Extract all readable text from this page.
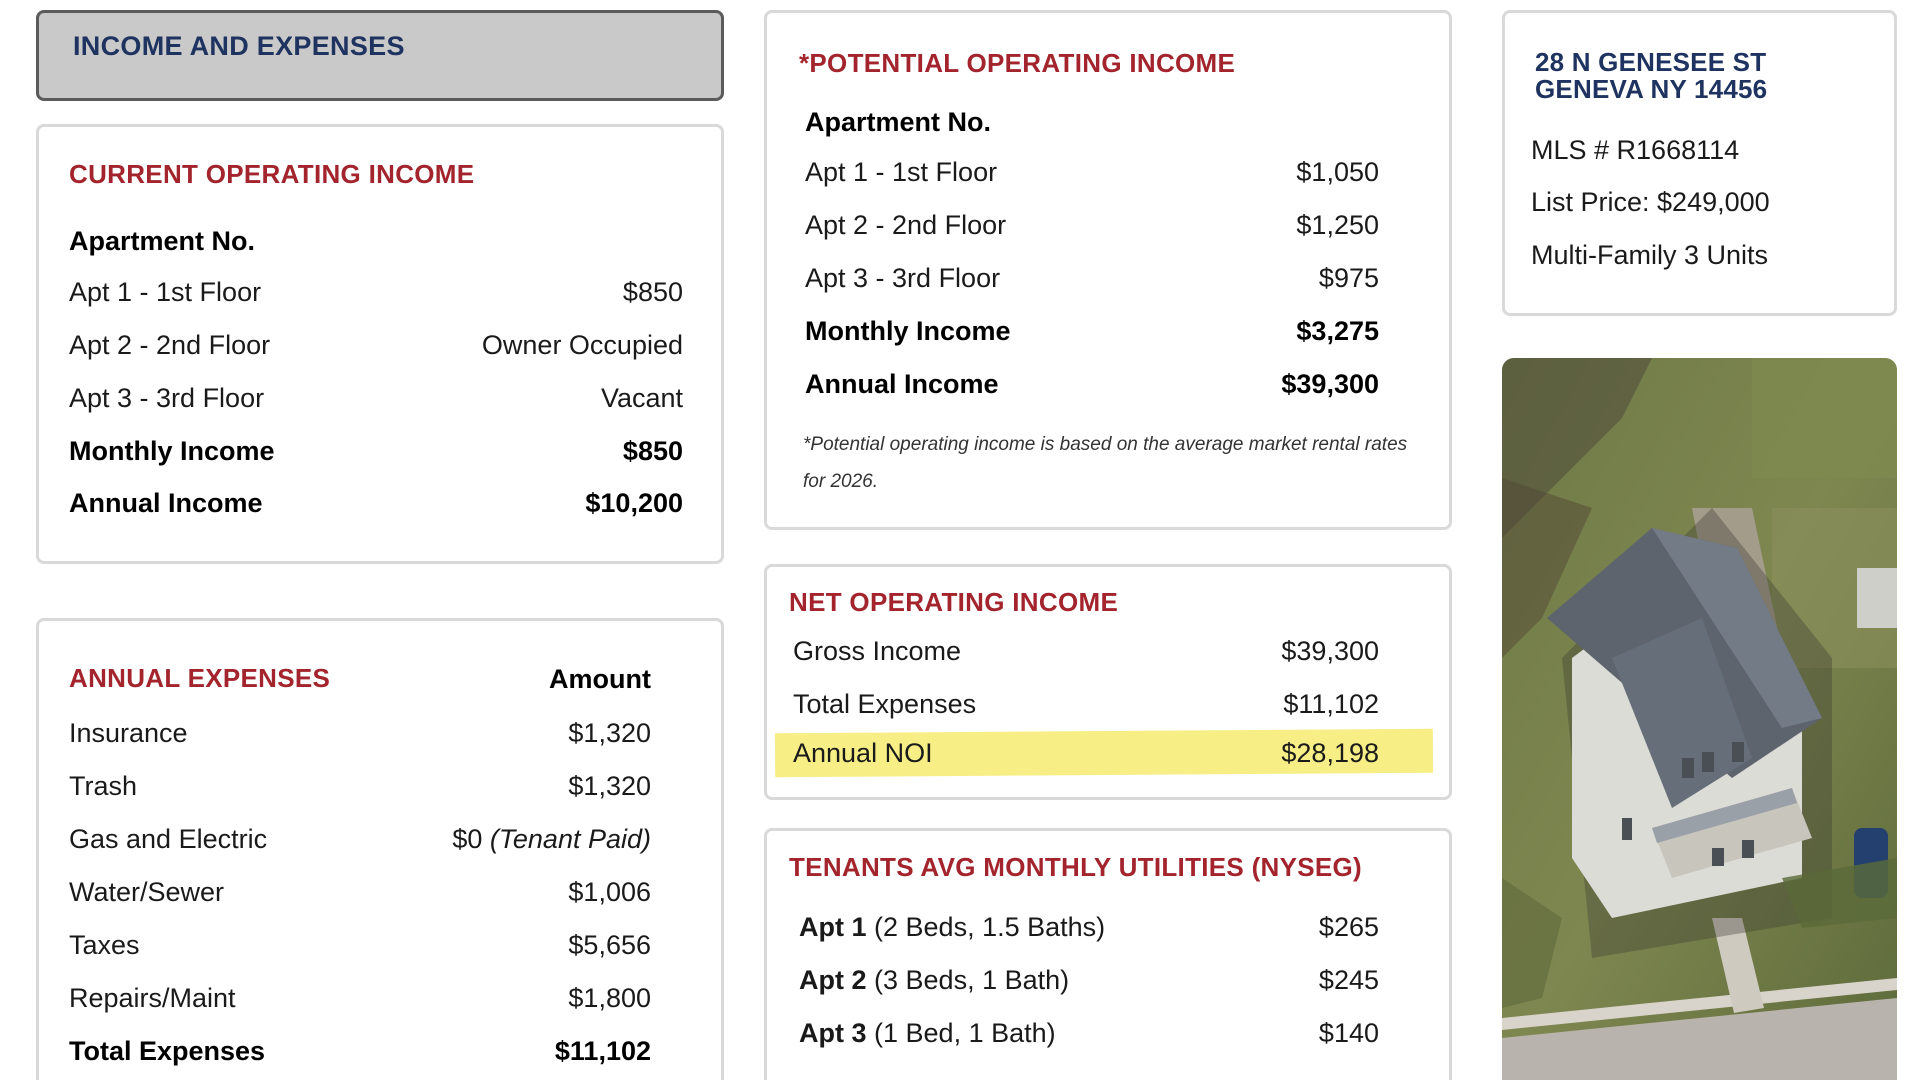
INCOME AND EXPENSES
CURRENT OPERATING INCOME
Apartment No.
Apt 1 - 1st Floor	$850
Apt 2 - 2nd Floor	Owner Occupied
Apt 3 - 3rd Floor	Vacant
Monthly Income	$850
Annual Income	$10,200
ANNUAL EXPENSES	Amount
Insurance	$1,320
Trash	$1,320
Gas and Electric	$0 (Tenant Paid)
Water/Sewer	$1,006
Taxes	$5,656
Repairs/Maint	$1,800
Total Expenses	$11,102
*POTENTIAL OPERATING INCOME
Apartment No.
Apt 1 - 1st Floor	$1,050
Apt 2 - 2nd Floor	$1,250
Apt 3 - 3rd Floor	$975
Monthly Income	$3,275
Annual Income	$39,300
*Potential operating income is based on the average market rental rates for 2026.
NET OPERATING INCOME
Gross Income	$39,300
Total Expenses	$11,102
Annual NOI	$28,198
TENANTS AVG MONTHLY UTILITIES (NYSEG)
Apt 1 (2 Beds, 1.5 Baths)	$265
Apt 2 (3 Beds, 1 Bath)	$245
Apt 3 (1 Bed, 1 Bath)	$140
28 N GENESEE ST
GENEVA NY 14456
MLS # R1668114
List Price: $249,000
Multi-Family 3 Units
